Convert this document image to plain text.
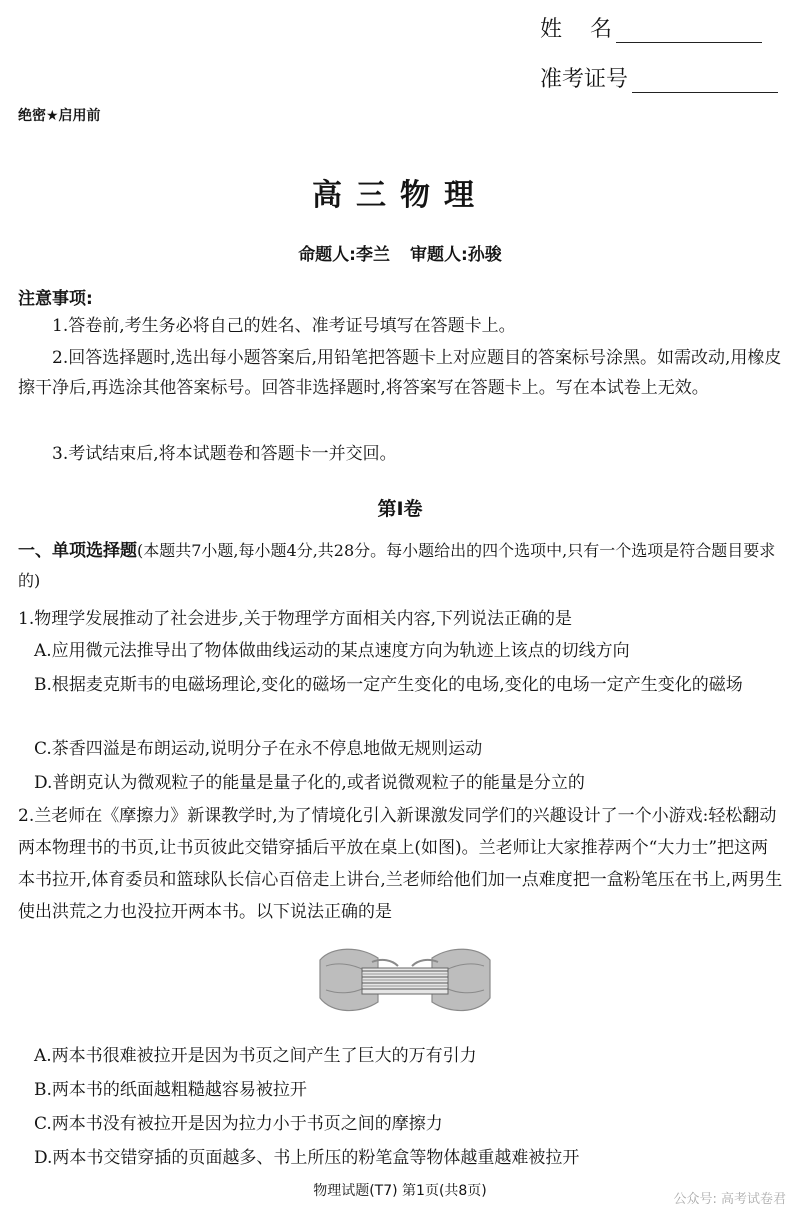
姓    名
准考证号
绝密★启用前
高三物理
命题人:李兰 审题人:孙骏
注意事项:
1.答卷前,考生务必将自己的姓名、准考证号填写在答题卡上。
2.回答选择题时,选出每小题答案后,用铅笔把答题卡上对应题目的答案标号涂黑。如需改动,用橡皮擦干净后,再选涂其他答案标号。回答非选择题时,将答案写在答题卡上。写在本试卷上无效。
3.考试结束后,将本试题卷和答题卡一并交回。
第Ⅰ卷
一、单项选择题(本题共7小题,每小题4分,共28分。每小题给出的四个选项中,只有一个选项是符合题目要求的)
1.物理学发展推动了社会进步,关于物理学方面相关内容,下列说法正确的是
A.应用微元法推导出了物体做曲线运动的某点速度方向为轨迹上该点的切线方向
B.根据麦克斯韦的电磁场理论,变化的磁场一定产生变化的电场,变化的电场一定产生变化的磁场
C.茶香四溢是布朗运动,说明分子在永不停息地做无规则运动
D.普朗克认为微观粒子的能量是量子化的,或者说微观粒子的能量是分立的
2.兰老师在《摩擦力》新课教学时,为了情境化引入新课激发同学们的兴趣设计了一个小游戏:轻松翻动两本物理书的书页,让书页彼此交错穿插后平放在桌上(如图)。兰老师让大家推荐两个“大力士”把这两本书拉开,体育委员和篮球队长信心百倍走上讲台,兰老师给他们加一点难度把一盒粉笔压在书上,两男生使出洪荒之力也没拉开两本书。以下说法正确的是
A.两本书很难被拉开是因为书页之间产生了巨大的万有引力
B.两本书的纸面越粗糙越容易被拉开
C.两本书没有被拉开是因为拉力小于书页之间的摩擦力
D.两本书交错穿插的页面越多、书上所压的粉笔盒等物体越重越难被拉开
物理试题(T7) 第1页(共8页)
公众号: 高考试卷君
